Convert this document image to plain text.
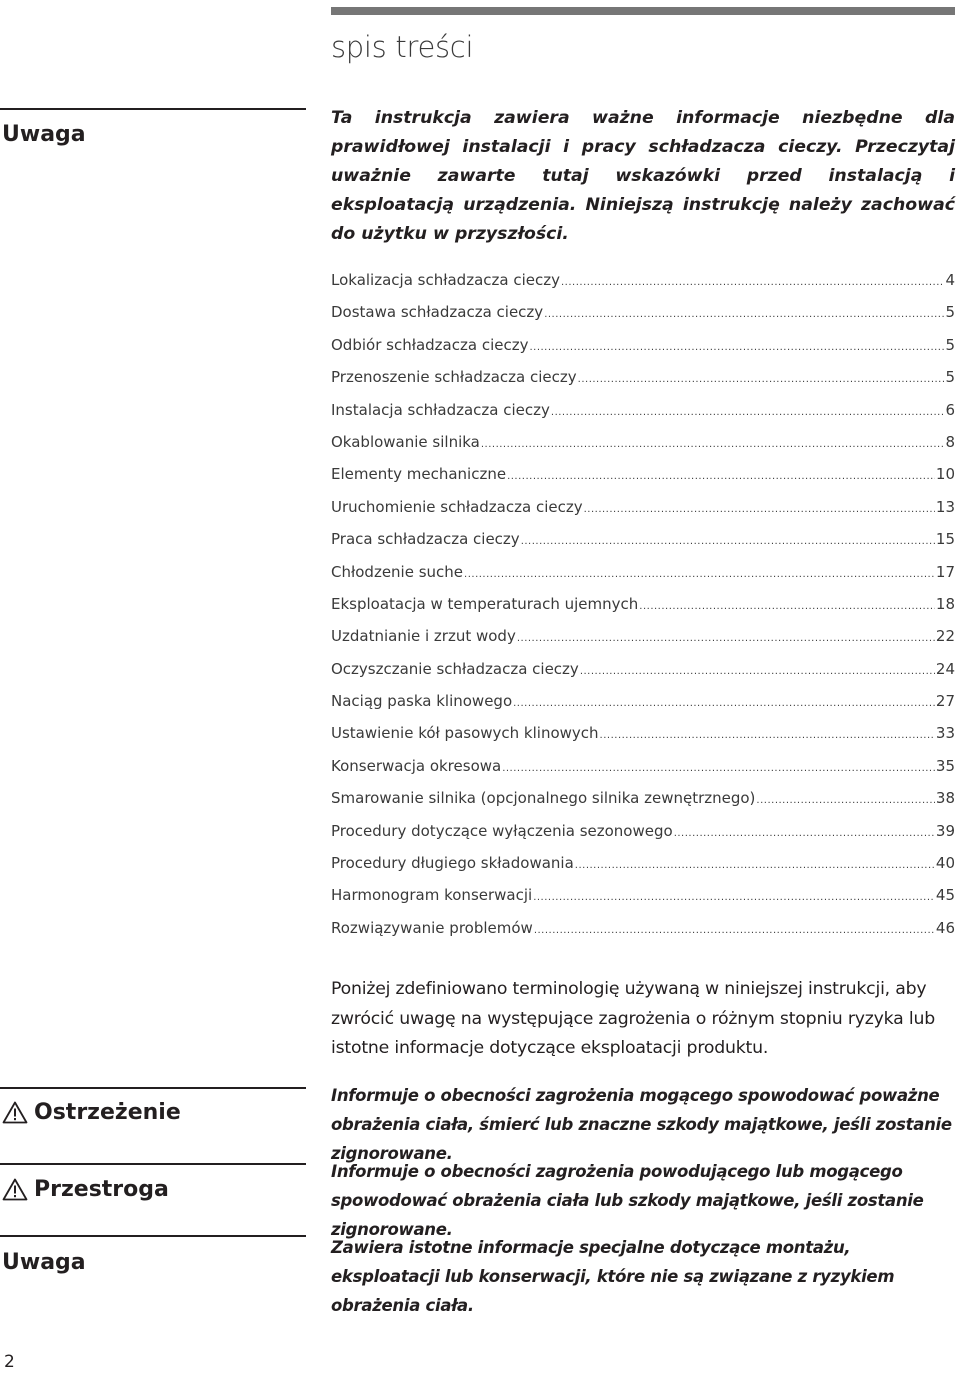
spis treści
Uwaga

Ta instrukcja zawiera ważne informacje niezbędne dla prawidłowej instalacji i pracy schładzacza cieczy. Przeczytaj uważnie zawarte tutaj wskazówki przed instalacją i eksploatacją urządzenia. Niniejszą instrukcję należy zachować do użytku w przyszłości.

Lokalizacja schładzacza cieczy .....	4
Dostawa schładzacza cieczy .....	5
Odbiór schładzacza cieczy .....	5
Przenoszenie schładzacza cieczy .....	5
Instalacja schładzacza cieczy .....	6
Okablowanie silnika .....	8
Elementy mechaniczne .....	10
Uruchomienie schładzacza cieczy .....	13
Praca schładzacza cieczy .....	15
Chłodzenie suche .....	17
Eksploatacja w temperaturach ujemnych .....	18
Uzdatnianie i zrzut wody .....	22
Oczyszczanie schładzacza cieczy .....	24
Naciąg paska klinowego .....	27
Ustawienie kół pasowych klinowych .....	33
Konserwacja okresowa .....	35
Smarowanie silnika (opcjonalnego silnika zewnętrznego) .....	38
Procedury dotyczące wyłączenia sezonowego .....	39
Procedury długiego składowania .....	40
Harmonogram konserwacji .....	45
Rozwiązywanie problemów .....	46

Poniżej zdefiniowano terminologię używaną w niniejszej instrukcji, aby zwrócić uwagę na występujące zagrożenia o różnym stopniu ryzyka lub istotne informacje dotyczące eksploatacji produktu.

Ostrzeżenie

Informuje o obecności zagrożenia mogącego spowodować poważne obrażenia ciała, śmierć lub znaczne szkody majątkowe, jeśli zostanie zignorowane.

Przestroga

Informuje o obecności zagrożenia powodującego lub mogącego spowodować obrażenia ciała lub szkody majątkowe, jeśli zostanie zignorowane.

Uwaga

Zawiera istotne informacje specjalne dotyczące montażu, eksploatacji lub konserwacji, które nie są związane z ryzykiem obrażenia ciała.

2
